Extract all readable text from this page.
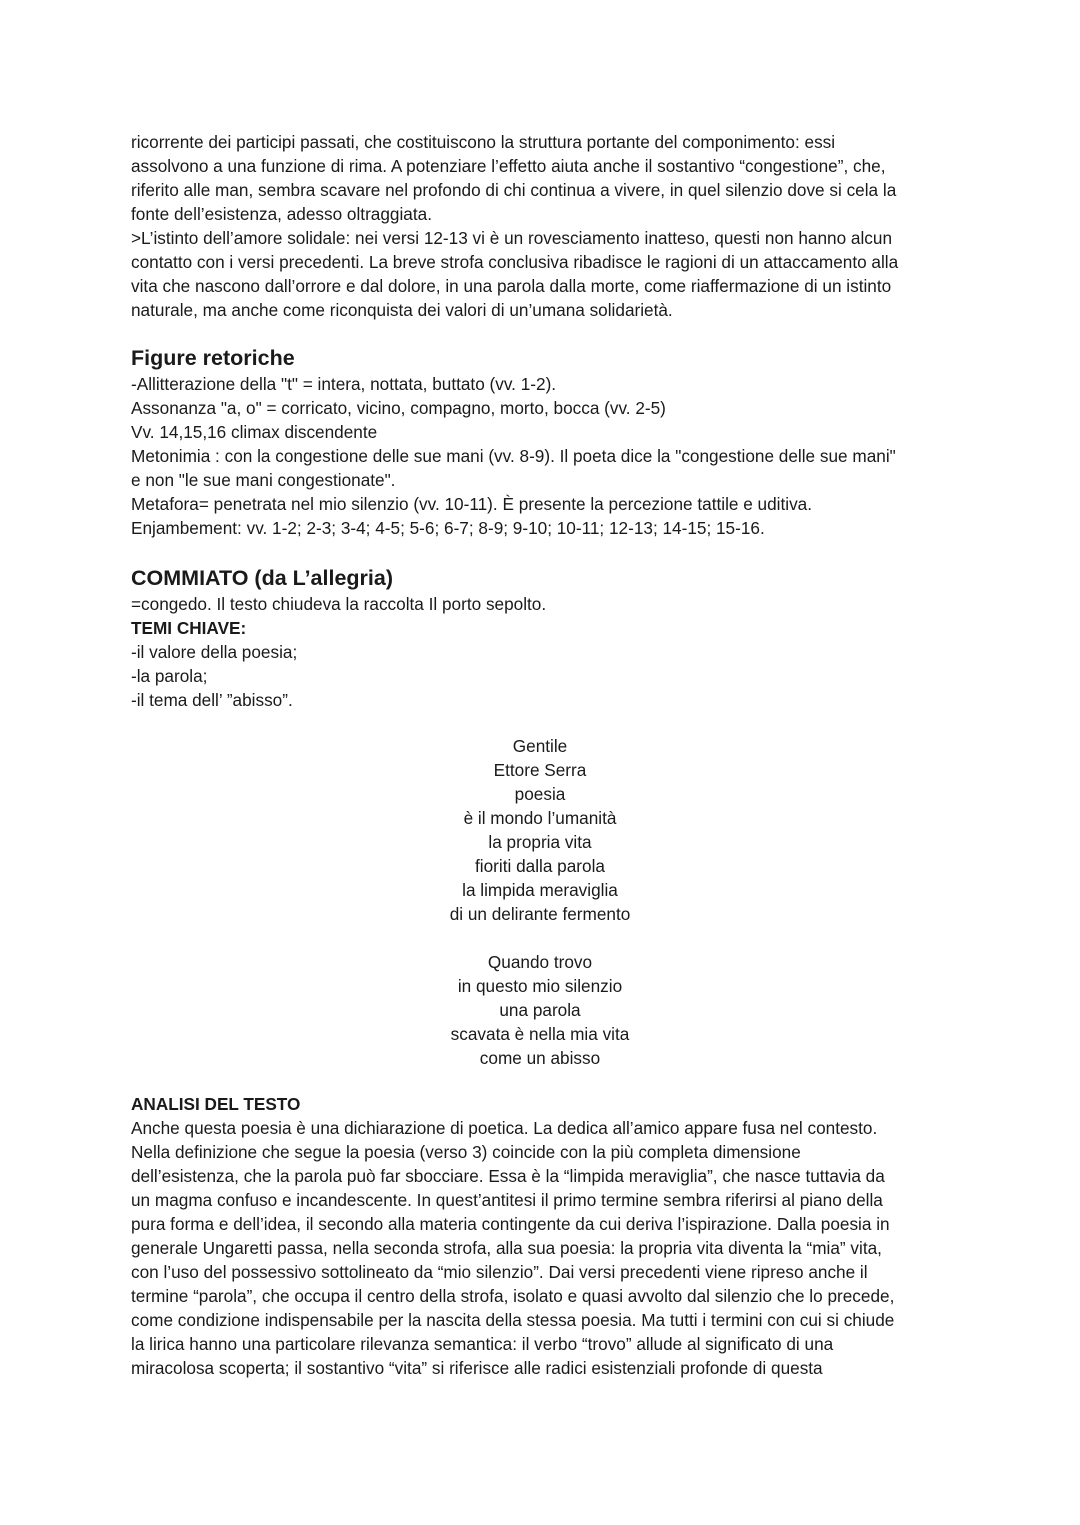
ricorrente dei participi passati, che costituiscono la struttura portante del componimento: essi
assolvono a una funzione di rima. A potenziare l’effetto aiuta anche il sostantivo “congestione”, che,
riferito alle man, sembra scavare nel profondo di chi continua a vivere, in quel silenzio dove si cela la
fonte dell’esistenza, adesso oltraggiata.
>L’istinto dell’amore solidale: nei versi 12-13 vi è un rovesciamento inatteso, questi non hanno alcun
contatto con i versi precedenti. La breve strofa conclusiva ribadisce le ragioni di un attaccamento alla
vita che nascono dall’orrore e dal dolore, in una parola dalla morte, come riaffermazione di un istinto
naturale, ma anche come riconquista dei valori di un’umana solidarietà.
Figure retoriche
-Allitterazione della "t" = intera, nottata, buttato (vv. 1-2).
Assonanza "a, o" = corricato, vicino, compagno, morto, bocca (vv. 2-5)
Vv. 14,15,16 climax discendente
Metonimia : con la congestione delle sue mani (vv. 8-9). Il poeta dice la "congestione delle sue mani"
e non "le sue mani congestionate".
Metafora= penetrata nel mio silenzio (vv. 10-11). È presente la percezione tattile e uditiva.
Enjambement: vv. 1-2; 2-3; 3-4; 4-5; 5-6; 6-7; 8-9; 9-10; 10-11; 12-13; 14-15; 15-16.
COMMIATO (da L’allegria)
=congedo. Il testo chiudeva la raccolta Il porto sepolto.
TEMI CHIAVE:
-il valore della poesia;
-la parola;
-il tema dell’ ”abisso”.
Gentile
Ettore Serra
poesia
è il mondo l’umanità
la propria vita
fioriti dalla parola
la limpida meraviglia
di un delirante fermento
Quando trovo
in questo mio silenzio
una parola
scavata è nella mia vita
come un abisso
ANALISI DEL TESTO
Anche questa poesia è una dichiarazione di poetica. La dedica all’amico appare fusa nel contesto.
Nella definizione che segue la poesia (verso 3) coincide con la più completa dimensione
dell’esistenza, che la parola può far sbocciare. Essa è la “limpida meraviglia”, che nasce tuttavia da
un magma confuso e incandescente. In quest’antitesi il primo termine sembra riferirsi al piano della
pura forma e dell’idea, il secondo alla materia contingente da cui deriva l’ispirazione. Dalla poesia in
generale Ungaretti passa, nella seconda strofa, alla sua poesia: la propria vita diventa la “mia” vita,
con l’uso del possessivo sottolineato da “mio silenzio”. Dai versi precedenti viene ripreso anche il
termine “parola”, che occupa il centro della strofa, isolato e quasi avvolto dal silenzio che lo precede,
come condizione indispensabile per la nascita della stessa poesia. Ma tutti i termini con cui si chiude
la lirica hanno una particolare rilevanza semantica: il verbo “trovo” allude al significato di una
miracolosa scoperta; il sostantivo “vita” si riferisce alle radici esistenziali profonde di questa
